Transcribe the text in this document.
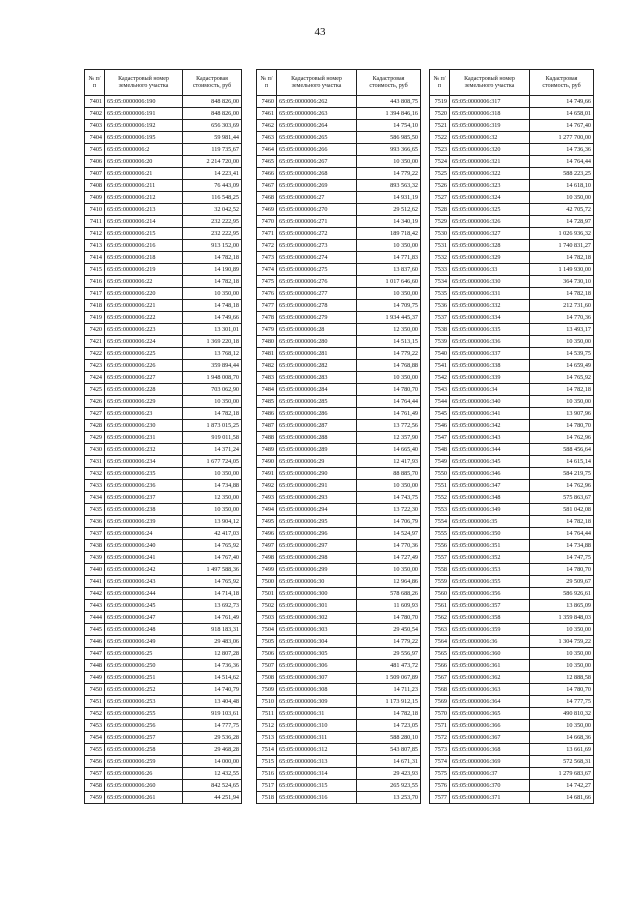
43
№ п/п	Кадастровый номер земельного участка	Кадастровая стоимость, руб
7401	65:05:0000006:190	848 826,00
7402	65:05:0000006:191	848 826,00
7403	65:05:0000006:192	656 303,69
7404	65:05:0000006:195	59 981,44
7405	65:05:0000006:2	119 735,67
7406	65:05:0000006:20	2 214 720,00
7407	65:05:0000006:21	14 223,41
7408	65:05:0000006:211	76 443,09
7409	65:05:0000006:212	116 548,25
7410	65:05:0000006:213	32 042,52
7411	65:05:0000006:214	232 222,95
7412	65:05:0000006:215	232 222,95
7413	65:05:0000006:216	913 152,00
7414	65:05:0000006:218	14 782,18
7415	65:05:0000006:219	14 190,89
7416	65:05:0000006:22	14 782,18
7417	65:05:0000006:220	10 350,00
7418	65:05:0000006:221	14 748,18
7419	65:05:0000006:222	14 749,66
7420	65:05:0000006:223	13 301,01
7421	65:05:0000006:224	1 369 220,18
7422	65:05:0000006:225	13 768,12
7423	65:05:0000006:226	359 894,44
7424	65:05:0000006:227	1 948 008,70
7425	65:05:0000006:228	703 062,90
7426	65:05:0000006:229	10 350,00
7427	65:05:0000006:23	14 782,18
7428	65:05:0000006:230	1 873 015,25
7429	65:05:0000006:231	919 011,58
7430	65:05:0000006:232	14 371,24
7431	65:05:0000006:234	1 677 724,05
7432	65:05:0000006:235	10 350,00
7433	65:05:0000006:236	14 734,88
7434	65:05:0000006:237	12 350,00
7435	65:05:0000006:238	10 350,00
7436	65:05:0000006:239	13 904,12
7437	65:05:0000006:24	42 417,03
7438	65:05:0000006:240	14 765,92
7439	65:05:0000006:241	14 767,40
7440	65:05:0000006:242	1 497 588,36
7441	65:05:0000006:243	14 765,92
7442	65:05:0000006:244	14 714,18
7443	65:05:0000006:245	13 692,73
7444	65:05:0000006:247	14 761,49
7445	65:05:0000006:248	918 183,31
7446	65:05:0000006:249	29 483,06
7447	65:05:0000006:25	12 807,28
7448	65:05:0000006:250	14 736,36
7449	65:05:0000006:251	14 514,62
7450	65:05:0000006:252	14 740,79
7451	65:05:0000006:253	13 404,48
7452	65:05:0000006:255	919 103,61
7453	65:05:0000006:256	14 777,75
7454	65:05:0000006:257	29 536,28
7455	65:05:0000006:258	29 468,28
7456	65:05:0000006:259	14 000,00
7457	65:05:0000006:26	12 432,55
7458	65:05:0000006:260	842 524,65
7459	65:05:0000006:261	44 251,94
№ п/п	Кадастровый номер земельного участка	Кадастровая стоимость, руб
7460	65:05:0000006:262	443 808,75
7461	65:05:0000006:263	1 394 846,16
7462	65:05:0000006:264	14 754,10
7463	65:05:0000006:265	586 985,50
7464	65:05:0000006:266	993 366,65
7465	65:05:0000006:267	10 350,00
7466	65:05:0000006:268	14 779,22
7467	65:05:0000006:269	893 563,32
7468	65:05:0000006:27	14 931,19
7469	65:05:0000006:270	29 512,62
7470	65:05:0000006:271	14 340,19
7471	65:05:0000006:272	189 718,42
7472	65:05:0000006:273	10 350,00
7473	65:05:0000006:274	14 771,83
7474	65:05:0000006:275	13 837,60
7475	65:05:0000006:276	1 017 646,60
7476	65:05:0000006:277	10 350,00
7477	65:05:0000006:278	14 709,75
7478	65:05:0000006:279	1 934 445,37
7479	65:05:0000006:28	12 350,00
7480	65:05:0000006:280	14 513,15
7481	65:05:0000006:281	14 779,22
7482	65:05:0000006:282	14 768,88
7483	65:05:0000006:283	10 350,00
7484	65:05:0000006:284	14 780,70
7485	65:05:0000006:285	14 764,44
7486	65:05:0000006:286	14 761,49
7487	65:05:0000006:287	13 772,56
7488	65:05:0000006:288	12 357,90
7489	65:05:0000006:289	14 665,40
7490	65:05:0000006:29	12 417,93
7491	65:05:0000006:290	88 885,70
7492	65:05:0000006:291	10 350,00
7493	65:05:0000006:293	14 743,75
7494	65:05:0000006:294	13 722,30
7495	65:05:0000006:295	14 706,79
7496	65:05:0000006:296	14 524,97
7497	65:05:0000006:297	14 770,36
7498	65:05:0000006:298	14 727,49
7499	65:05:0000006:299	10 350,00
7500	65:05:0000006:30	12 964,86
7501	65:05:0000006:300	578 688,26
7502	65:05:0000006:301	11 609,93
7503	65:05:0000006:302	14 780,70
7504	65:05:0000006:303	29 450,54
7505	65:05:0000006:304	14 779,22
7506	65:05:0000006:305	29 556,97
7507	65:05:0000006:306	481 473,72
7508	65:05:0000006:307	1 509 067,89
7509	65:05:0000006:308	14 711,23
7510	65:05:0000006:309	1 173 912,15
7511	65:05:0000006:31	14 782,18
7512	65:05:0000006:310	14 723,05
7513	65:05:0000006:311	588 280,10
7514	65:05:0000006:312	543 807,85
7515	65:05:0000006:313	14 671,31
7516	65:05:0000006:314	29 423,93
7517	65:05:0000006:315	265 923,55
7518	65:05:0000006:316	13 253,70
№ п/п	Кадастровый номер земельного участка	Кадастровая стоимость, руб
7519	65:05:0000006:317	14 749,66
7520	65:05:0000006:318	14 658,01
7521	65:05:0000006:319	14 767,40
7522	65:05:0000006:32	1 277 700,00
7523	65:05:0000006:320	14 736,36
7524	65:05:0000006:321	14 764,44
7525	65:05:0000006:322	588 223,25
7526	65:05:0000006:323	14 618,10
7527	65:05:0000006:324	10 350,00
7528	65:05:0000006:325	42 705,72
7529	65:05:0000006:326	14 728,97
7530	65:05:0000006:327	1 026 936,32
7531	65:05:0000006:328	1 740 831,27
7532	65:05:0000006:329	14 782,18
7533	65:05:0000006:33	1 149 930,00
7534	65:05:0000006:330	364 730,10
7535	65:05:0000006:331	14 782,18
7536	65:05:0000006:332	212 731,60
7537	65:05:0000006:334	14 770,36
7538	65:05:0000006:335	13 493,17
7539	65:05:0000006:336	10 350,00
7540	65:05:0000006:337	14 539,75
7541	65:05:0000006:338	14 659,49
7542	65:05:0000006:339	14 765,92
7543	65:05:0000006:34	14 782,18
7544	65:05:0000006:340	10 350,00
7545	65:05:0000006:341	13 907,96
7546	65:05:0000006:342	14 780,70
7547	65:05:0000006:343	14 762,96
7548	65:05:0000006:344	588 456,64
7549	65:05:0000006:345	14 615,14
7550	65:05:0000006:346	584 219,75
7551	65:05:0000006:347	14 762,96
7552	65:05:0000006:348	575 863,67
7553	65:05:0000006:349	581 042,08
7554	65:05:0000006:35	14 782,18
7555	65:05:0000006:350	14 764,44
7556	65:05:0000006:351	14 734,88
7557	65:05:0000006:352	14 747,75
7558	65:05:0000006:353	14 780,70
7559	65:05:0000006:355	29 509,67
7560	65:05:0000006:356	586 926,61
7561	65:05:0000006:357	13 865,09
7562	65:05:0000006:358	1 359 848,03
7563	65:05:0000006:359	10 350,00
7564	65:05:0000006:36	1 304 759,22
7565	65:05:0000006:360	10 350,00
7566	65:05:0000006:361	10 350,00
7567	65:05:0000006:362	12 888,58
7568	65:05:0000006:363	14 780,70
7569	65:05:0000006:364	14 777,75
7570	65:05:0000006:365	490 810,32
7571	65:05:0000006:366	10 350,00
7572	65:05:0000006:367	14 668,36
7573	65:05:0000006:368	13 661,69
7574	65:05:0000006:369	572 568,31
7575	65:05:0000006:37	1 279 683,67
7576	65:05:0000006:370	14 742,27
7577	65:05:0000006:371	14 681,66
